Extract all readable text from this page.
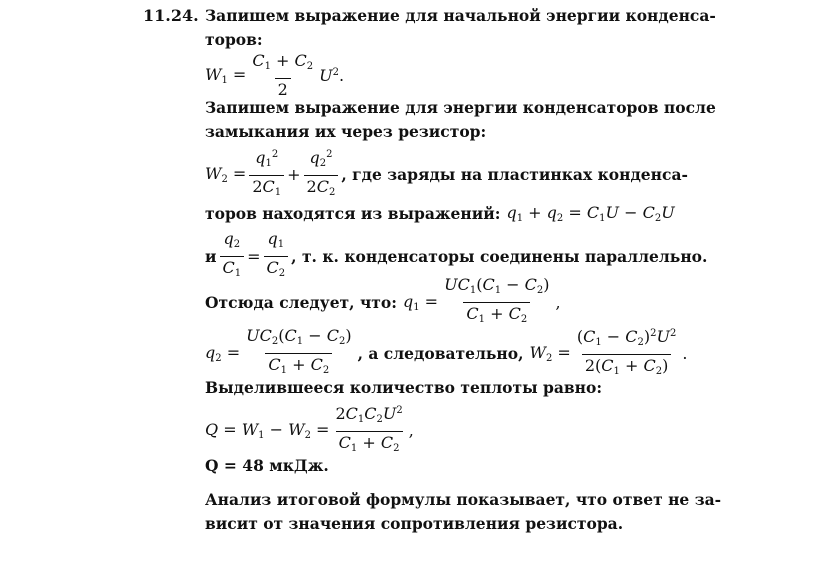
11.24. Запишем выражение для начальной энергии конденса-
торов:
$W_1 = \frac{C_1 + C_2}{2} U^2$.
Запишем выражение для энергии конденсаторов после
замыкания их через резистор:
$W_2 = \frac{q_1^2}{2C_1} + \frac{q_2^2}{2C_2}$ , где заряды на пластинках конденса-
торов находятся из выражений: $q_1 + q_2 = C_1U - C_2U$
и $\frac{q_2}{C_1} = \frac{q_1}{C_2}$ , т. к. конденсаторы соединены параллельно.
Отсюда следует, что: $q_1 = \frac{UC_1(C_1 - C_2)}{C_1 + C_2}$ ,
$q_2 = \frac{UC_2(C_1 - C_2)}{C_1 + C_2}$ , а следовательно, $W_2 = \frac{(C_1 - C_2)^2U^2}{2(C_1 + C_2)}$ .
Выделившееся количество теплоты равно:
$Q = W_1 - W_2 = \frac{2C_1C_2U^2}{C_1 + C_2}$ ,
Q = 48 мкДж.
Анализ итоговой формулы показывает, что ответ не за-
висит от значения сопротивления резистора.
